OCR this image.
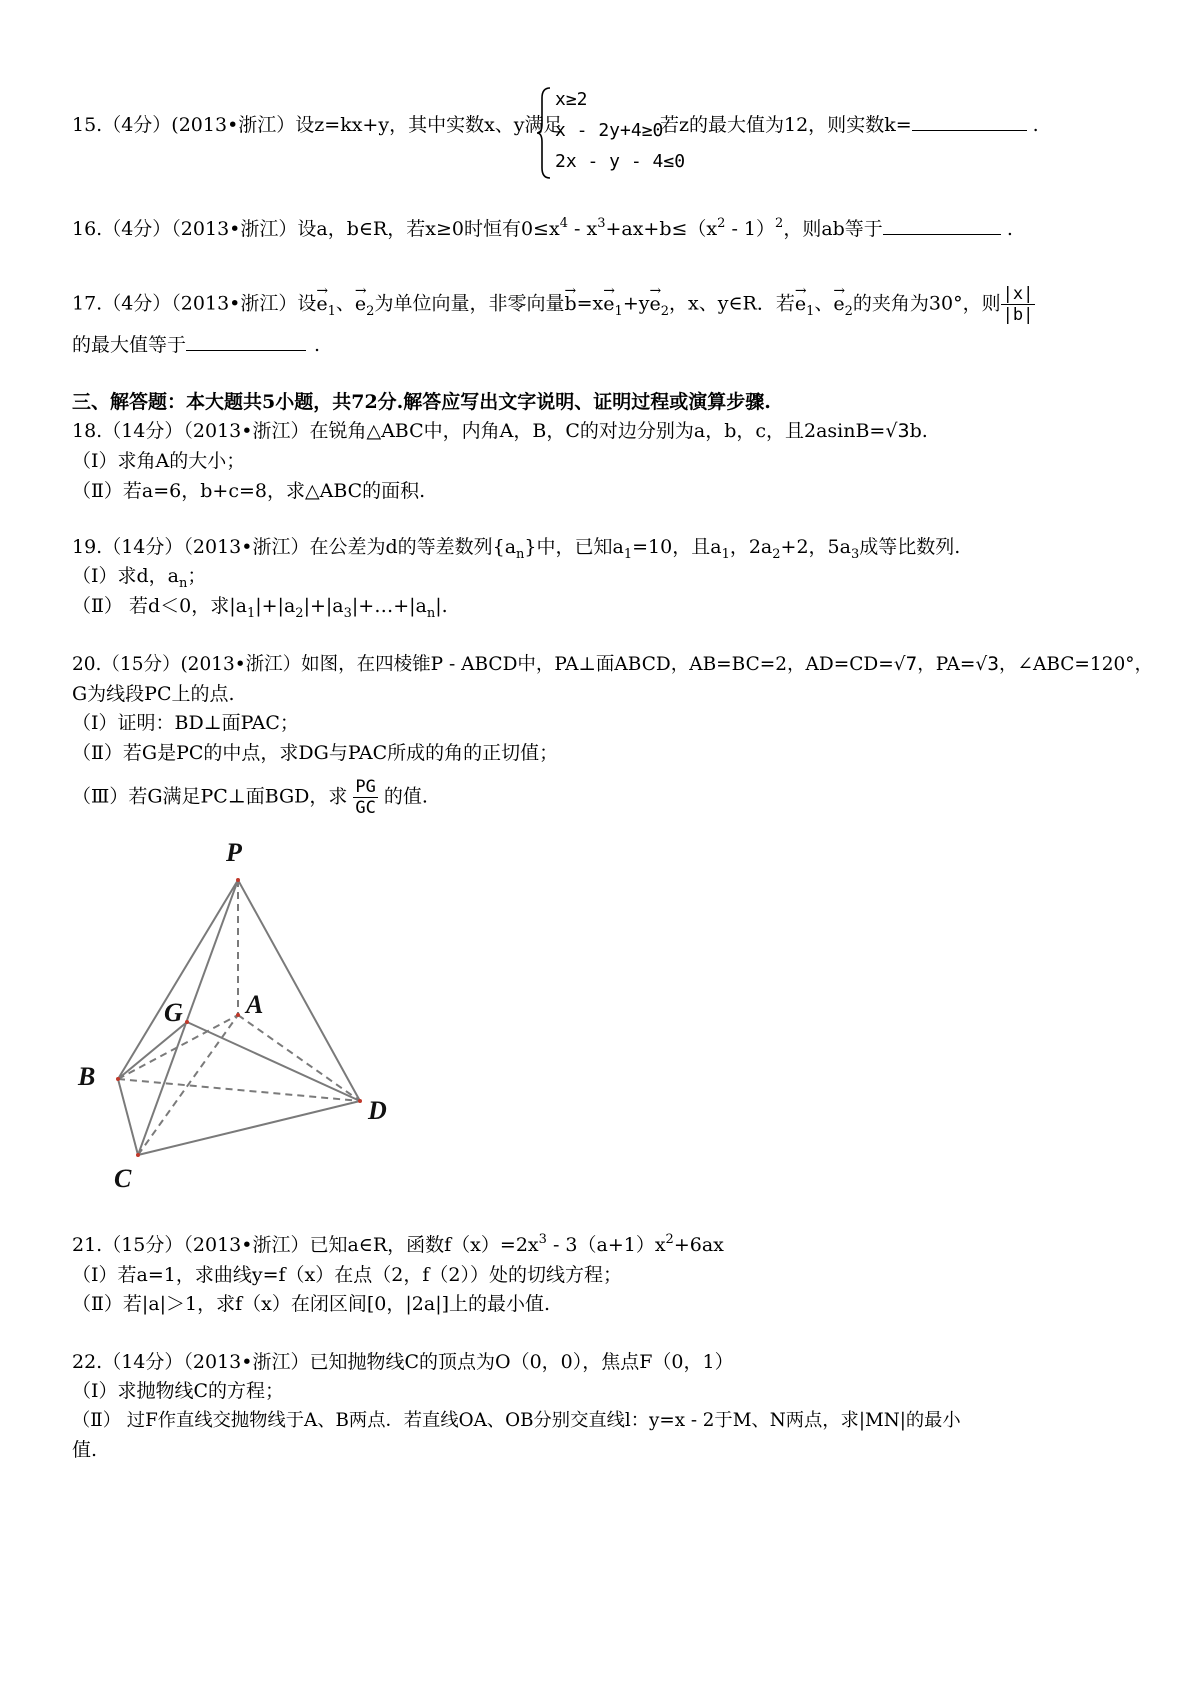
15.（4分）(2013•浙江）设z=kx+y，其中实数x、y满足
x≥2
x - 2y+4≥0
2x - y - 4≤0
若z的最大值为12，则实数k=	.
16.（4分）（2013•浙江）设a，b∈R，若x≥0时恒有$0\le x^4 - x^3+ax+b\le(x^2 - 1)^2$，则ab等于	.
17.（4分）（2013•浙江）设→ $e_1$、→ $e_2$为单位向量，非零向量→ $b=x\to e_1+y\to e_2$，x、y∈R．若→ $e_1$、→ $e_2$的夹角为30°，则 $\frac{|x|}{|b|}$
的最大值等于	.
三、解答题：本大题共5小题，共72分.解答应写出文字说明、证明过程或演算步骤.
18.（14分）（2013•浙江）在锐角△ABC中，内角A，B，C的对边分别为a，b，c，且2asinB=√3b.
（Ⅰ）求角A的大小；
（Ⅱ）若a=6，b+c=8，求△ABC的面积.
19.（14分）（2013•浙江）在公差为d的等差数列$\{a_n\}$中，已知$a_1=10$，且$a_1$，$2a_2+2$，$5a_3$成等比数列.
（Ⅰ）求d，$a_n$；
（Ⅱ） 若d＜0，求$|a_1|+|a_2|+|a_3|+\dots+|a_n|$.
20.（15分）(2013•浙江）如图，在四棱锥P - ABCD中，PA⊥面ABCD，AB=BC=2，AD=CD=√7，PA=√3，∠ABC=120°，
G为线段PC上的点.
（Ⅰ）证明：BD⊥面PAC；
（Ⅱ）若G是PC的中点，求DG与PAC所成的角的正切值；
（Ⅲ）若G满足PC⊥面BGD，求 $\frac{PG}{GC}$ 的值.
P
A
G
B
C
D
21.（15分）（2013•浙江）已知a∈R，函数$f(x)=2x^3 - 3(a+1)x^2+6ax$
（Ⅰ）若a=1，求曲线y=f（x）在点（2，f（2））处的切线方程；
（Ⅱ）若|a|＞1，求f（x）在闭区间[0，|2a|]上的最小值.
22.（14分）（2013•浙江）已知抛物线C的顶点为O（0，0），焦点F（0，1）
（Ⅰ）求抛物线C的方程；
（Ⅱ） 过F作直线交抛物线于A、B两点．若直线OA、OB分别交直线l：y=x - 2于M、N两点，求|MN|的最小
值.
